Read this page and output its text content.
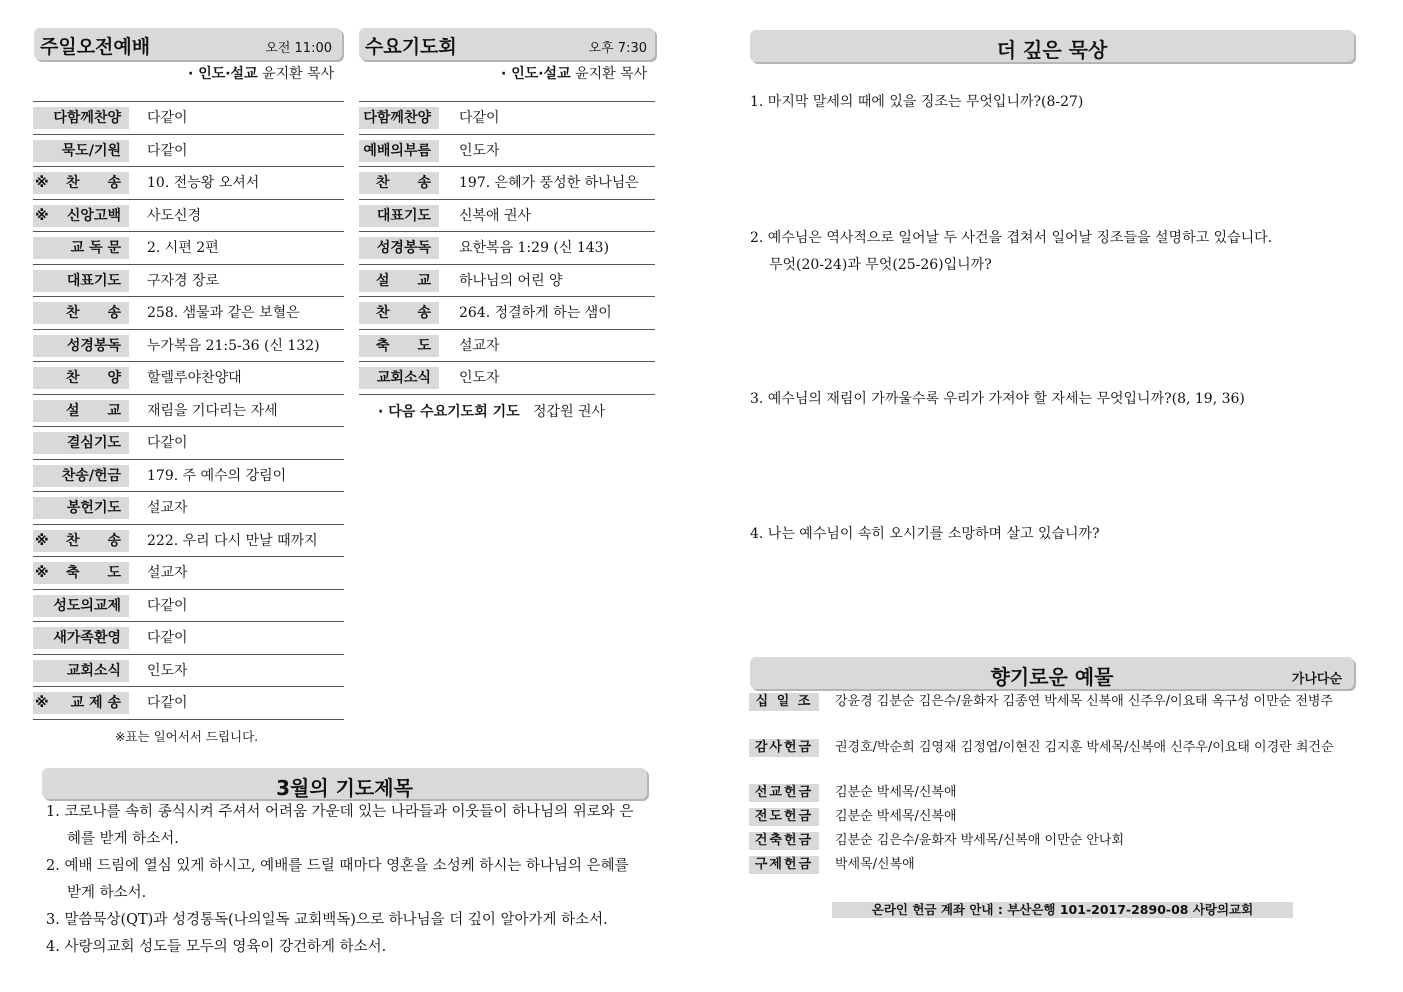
주일오전예배	오전 11:00
· 인도·설교 윤지환 목사
다함께찬양 다같이
묵도/기원 다같이
※ 찬　　송 10. 전능왕 오셔서
※ 신앙고백 사도신경
교 독 문 2. 시편 2편
대표기도 구자경 장로
찬　　송 258. 샘물과 같은 보혈은
성경봉독 누가복음 21:5-36 (신 132)
찬　　양 할렐루야찬양대
설　　교 재림을 기다리는 자세
결심기도 다같이
찬송/헌금 179. 주 예수의 강림이
봉헌기도 설교자
※ 찬　　송 222. 우리 다시 만날 때까지
※ 축　　도 설교자
성도의교제 다같이
새가족환영 다같이
교회소식 인도자
※ 교 제 송 다같이
※표는 일어서서 드립니다.
수요기도회	오후 7:30
· 인도·설교 윤지환 목사
다함께찬양 다같이
예배의부름 인도자
찬　　송 197. 은혜가 풍성한 하나님은
대표기도 신복애 권사
성경봉독 요한복음 1:29 (신 143)
설　　교 하나님의 어린 양
찬　　송 264. 정결하게 하는 샘이
축　　도 설교자
교회소식 인도자
· 다음 수요기도회 기도 정갑원 권사
3월의 기도제목
1. 코로나를 속히 종식시켜 주셔서 어려움 가운데 있는 나라들과 이웃들이 하나님의 위로와 은혜를 받게 하소서.
2. 예배 드림에 열심 있게 하시고, 예배를 드릴 때마다 영혼을 소성케 하시는 하나님의 은혜를 받게 하소서.
3. 말씀묵상(QT)과 성경통독(나의일독 교회백독)으로 하나님을 더 깊이 알아가게 하소서.
4. 사랑의교회 성도들 모두의 영육이 강건하게 하소서.
더 깊은 묵상
1. 마지막 말세의 때에 있을 징조는 무엇입니까?(8-27)
2. 예수님은 역사적으로 일어날 두 사건을 겹쳐서 일어날 징조들을 설명하고 있습니다.
무엇(20-24)과 무엇(25-26)입니까?
3. 예수님의 재림이 가까울수록 우리가 가져야 할 자세는 무엇입니까?(8, 19, 36)
4. 나는 예수님이 속히 오시기를 소망하며 살고 있습니까?
향기로운 예물	가나다순
십 일 조	강윤경 김분순 김은수/윤화자 김종연 박세목 신복애 신주우/이요태 옥구성 이만순 전병주
감사헌금	권경호/박순희 김영재 김정엽/이현진 김지훈 박세목/신복애 신주우/이요태 이경란 최건순
선교헌금	김분순 박세목/신복애
전도헌금	김분순 박세목/신복애
건축헌금	김분순 김은수/윤화자 박세목/신복애 이만순 안나회
구제헌금	박세목/신복애
온라인 헌금 계좌 안내 : 부산은행 101-2017-2890-08 사랑의교회
